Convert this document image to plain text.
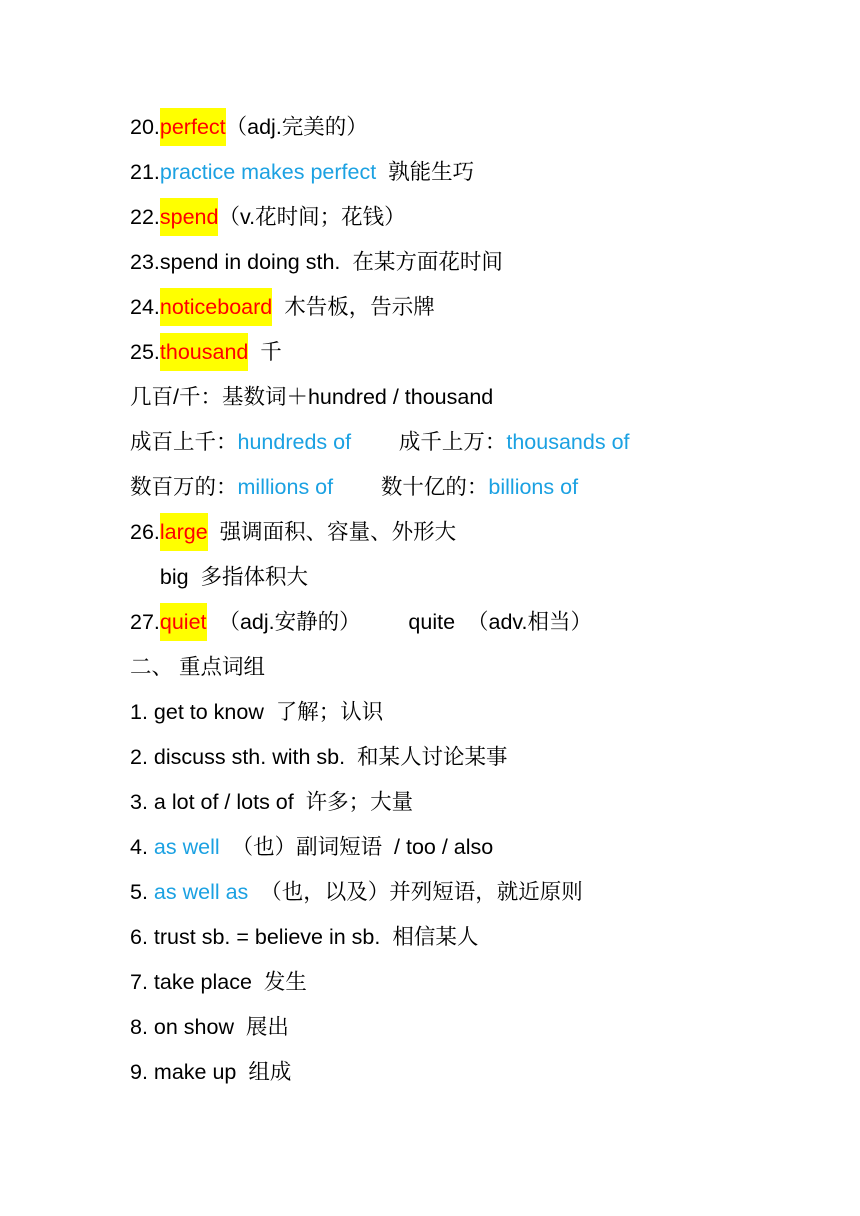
20.perfect（adj.完美的）
21.practice makes perfect  孰能生巧
22.spend（v.花时间；花钱）
23.spend in doing sth.  在某方面花时间
24.noticeboard  木告板，告示牌
25.thousand  千
几百/千：基数词＋hundred / thousand
成百上千：hundreds of        成千上万：thousands of
数百万的：millions of        数十亿的：billions of
26.large  强调面积、容量、外形大
big  多指体积大
27.quiet  （adj.安静的）        quite  （adv.相当）
二、 重点词组
1. get to know  了解；认识
2. discuss sth. with sb.  和某人讨论某事
3. a lot of / lots of  许多；大量
4. as well  （也）副词短语  / too / also
5. as well as  （也，以及）并列短语，就近原则
6. trust sb. = believe in sb.  相信某人
7. take place  发生
8. on show  展出
9. make up  组成
